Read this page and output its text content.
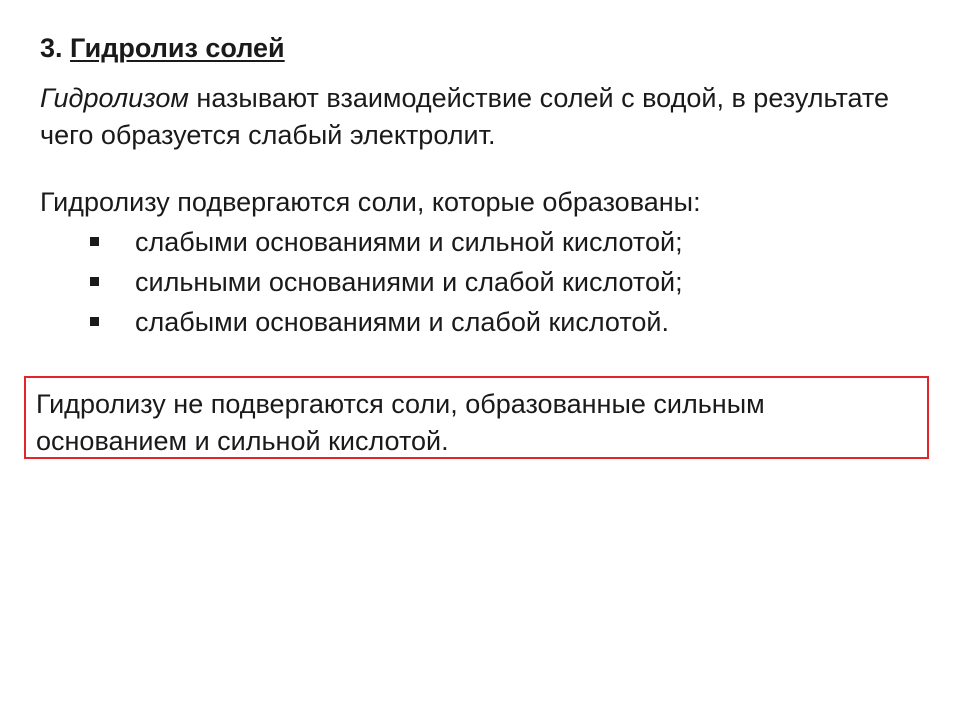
3. Гидролиз солей
Гидролизом называют взаимодействие солей с водой, в результате чего образуется слабый электролит.
Гидролизу подвергаются соли, которые образованы:
слабыми основаниями и сильной кислотой;
сильными основаниями и слабой кислотой;
слабыми основаниями и слабой кислотой.
Гидролизу не подвергаются соли, образованные сильным основанием и сильной кислотой.
